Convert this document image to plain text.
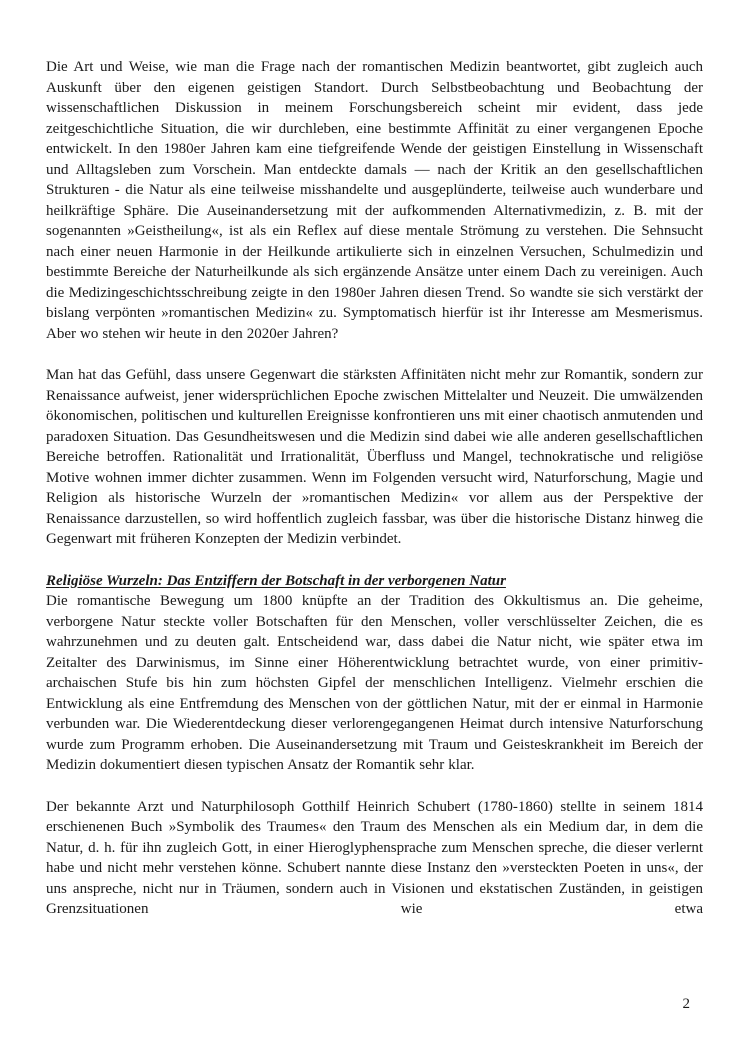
Die Art und Weise, wie man die Frage nach der romantischen Medizin beantwortet, gibt zugleich auch Auskunft über den eigenen geistigen Standort. Durch Selbstbeobachtung und Beobachtung der wissenschaftlichen Diskussion in meinem Forschungsbereich scheint mir evident, dass jede zeitgeschichtliche Situation, die wir durchleben, eine bestimmte Affinität zu einer vergangenen Epoche entwickelt. In den 1980er Jahren kam eine tiefgreifende Wende der geistigen Einstellung in Wissenschaft und Alltagsleben zum Vorschein. Man entdeckte damals — nach der Kritik an den gesellschaftlichen Strukturen - die Natur als eine teilweise misshandelte und ausgeplünderte, teilweise auch wunderbare und heilkräftige Sphäre. Die Auseinandersetzung mit der aufkommenden Alternativmedizin, z. B. mit der sogenannten »Geistheilung«, ist als ein Reflex auf diese mentale Strömung zu verstehen. Die Sehnsucht nach einer neuen Harmonie in der Heilkunde artikulierte sich in einzelnen Versuchen, Schulmedizin und bestimmte Bereiche der Naturheilkunde als sich ergänzende Ansätze unter einem Dach zu vereinigen. Auch die Medizingeschichtsschreibung zeigte in den 1980er Jahren diesen Trend. So wandte sie sich verstärkt der bislang verpönten »romantischen Medizin« zu. Symptomatisch hierfür ist ihr Interesse am Mesmerismus. Aber wo stehen wir heute in den 2020er Jahren?

Man hat das Gefühl, dass unsere Gegenwart die stärksten Affinitäten nicht mehr zur Romantik, sondern zur Renaissance aufweist, jener widersprüchlichen Epoche zwischen Mittelalter und Neuzeit. Die umwälzenden ökonomischen, politischen und kulturellen Ereignisse konfrontieren uns mit einer chaotisch anmutenden und paradoxen Situation. Das Gesundheitswesen und die Medizin sind dabei wie alle anderen gesellschaftlichen Bereiche betroffen. Rationalität und Irrationalität, Überfluss und Mangel, technokratische und religiöse Motive wohnen immer dichter zusammen. Wenn im Folgenden versucht wird, Naturforschung, Magie und Religion als historische Wurzeln der »romantischen Medizin« vor allem aus der Perspektive der Renaissance darzustellen, so wird hoffentlich zugleich fassbar, was über die historische Distanz hinweg die Gegenwart mit früheren Konzepten der Medizin verbindet.

Religiöse Wurzeln: Das Entziffern der Botschaft in der verborgenen Natur

Die romantische Bewegung um 1800 knüpfte an der Tradition des Okkultismus an. Die geheime, verborgene Natur steckte voller Botschaften für den Menschen, voller verschlüsselter Zeichen, die es wahrzunehmen und zu deuten galt. Entscheidend war, dass dabei die Natur nicht, wie später etwa im Zeitalter des Darwinismus, im Sinne einer Höherentwicklung betrachtet wurde, von einer primitiv-archaischen Stufe bis hin zum höchsten Gipfel der menschlichen Intelligenz. Vielmehr erschien die Entwicklung als eine Entfremdung des Menschen von der göttlichen Natur, mit der er einmal in Harmonie verbunden war. Die Wiederentdeckung dieser verlorengegangenen Heimat durch intensive Naturforschung wurde zum Programm erhoben. Die Auseinandersetzung mit Traum und Geisteskrankheit im Bereich der Medizin dokumentiert diesen typischen Ansatz der Romantik sehr klar.

Der bekannte Arzt und Naturphilosoph Gotthilf Heinrich Schubert (1780-1860) stellte in seinem 1814 erschienenen Buch »Symbolik des Traumes« den Traum des Menschen als ein Medium dar, in dem die Natur, d. h. für ihn zugleich Gott, in einer Hieroglyphensprache zum Menschen spreche, die dieser verlernt habe und nicht mehr verstehen könne. Schubert nannte diese Instanz den »versteckten Poeten in uns«, der uns anspreche, nicht nur in Träumen, sondern auch in Visionen und ekstatischen Zuständen, in geistigen Grenzsituationen wie etwa

2
